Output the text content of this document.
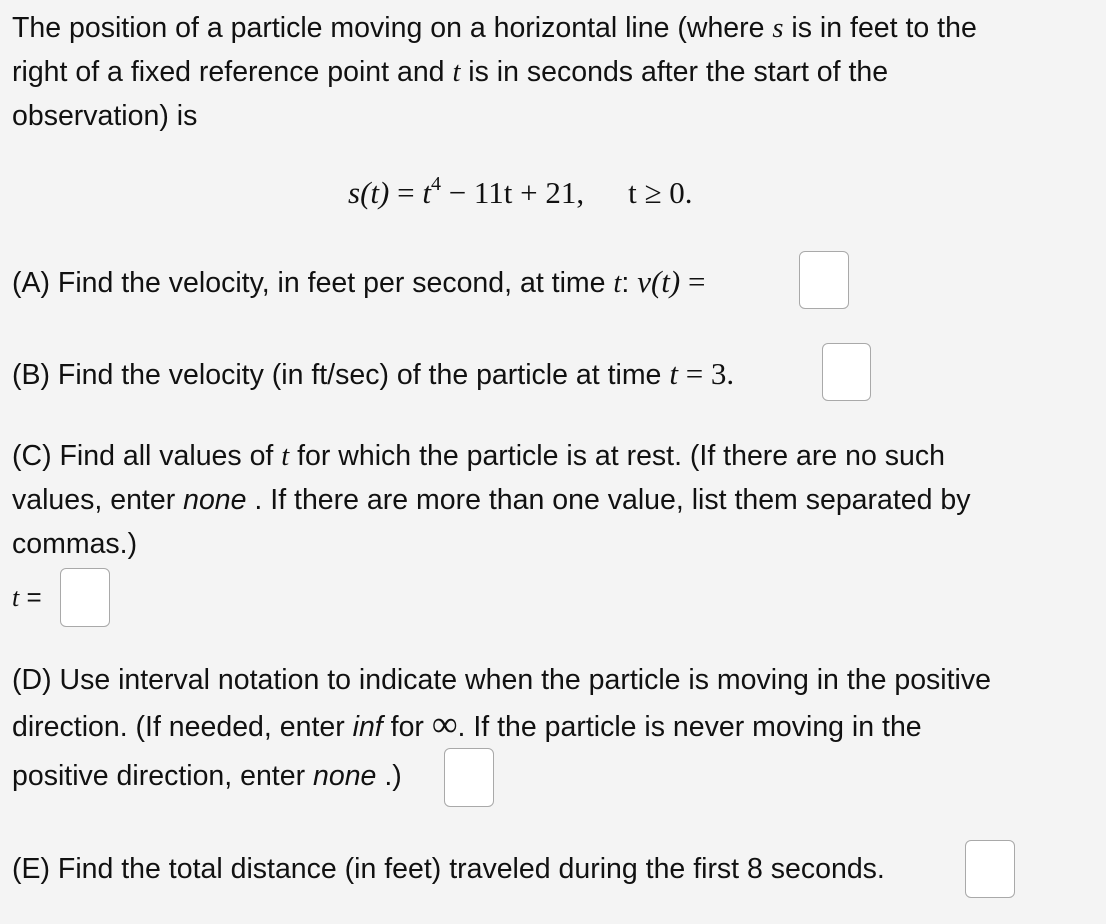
The position of a particle moving on a horizontal line (where s is in feet to the
right of a fixed reference point and t is in seconds after the start of the
observation) is
$s(t) = t^4 - 11t + 21$, t ≥ 0.
(A) Find the velocity, in feet per second, at time t: v(t) =
(B) Find the velocity (in ft/sec) of the particle at time t = 3.
(C) Find all values of t for which the particle is at rest. (If there are no such
values, enter none . If there are more than one value, list them separated by
commas.)
t =
(D) Use interval notation to indicate when the particle is moving in the positive
direction. (If needed, enter inf for ∞. If the particle is never moving in the
positive direction, enter none .)
(E) Find the total distance (in feet) traveled during the first 8 seconds.
